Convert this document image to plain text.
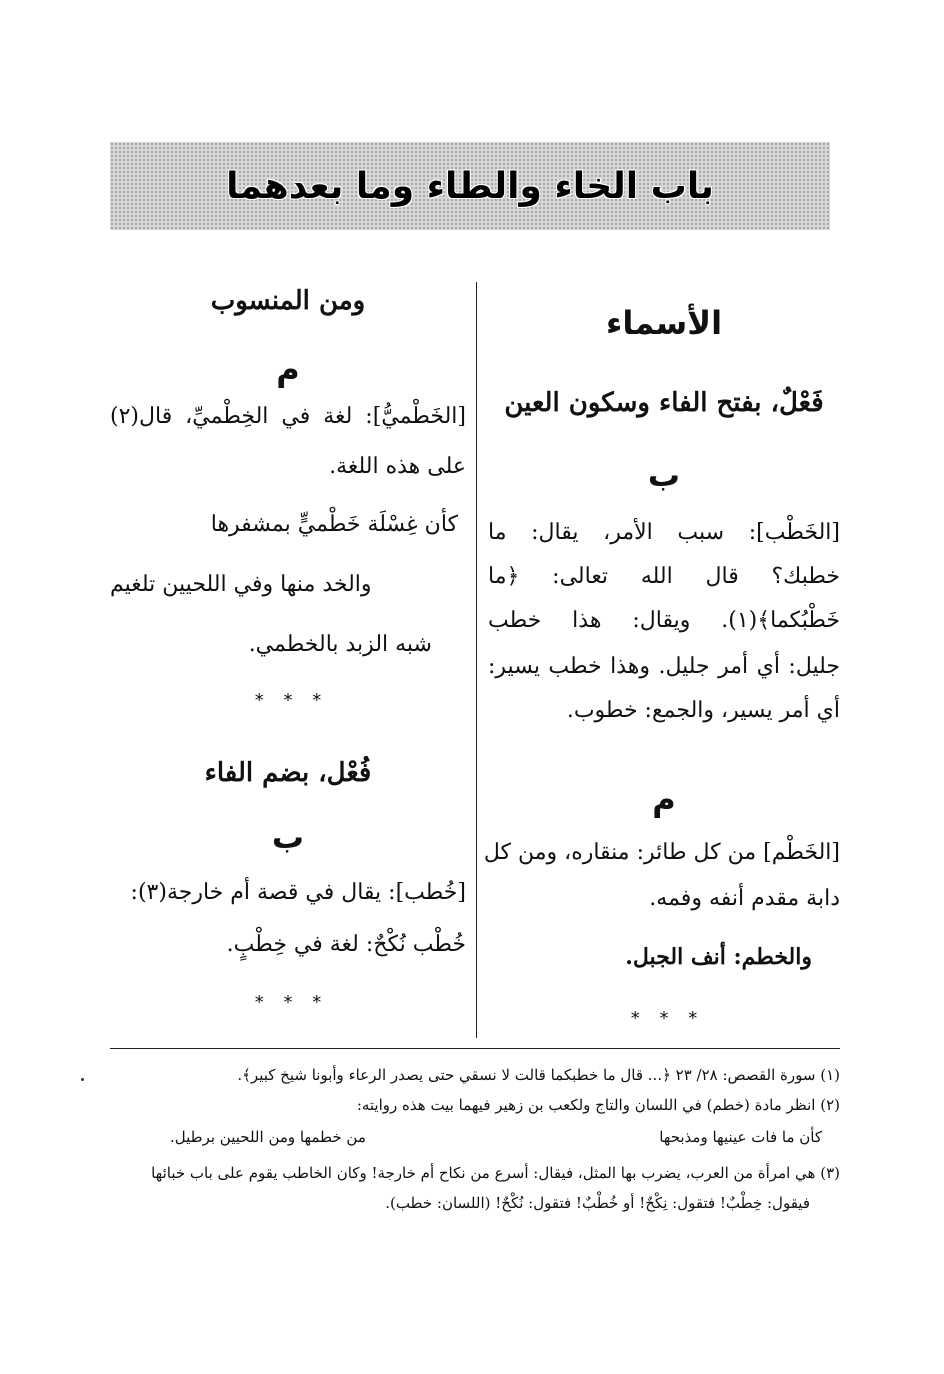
باب الخاء والطاء وما بعدهما
الأسماء
فَعْلٌ، بفتح الفاء وسكون العين
ب
[الخَطْب]: سبب الأمر، يقال: ما
خطبك؟ قال الله تعالى: ﴿ما
خَطْبُكما﴾(١). ويقال: هذا خطب
جليل: أي أمر جليل. وهذا خطب يسير:
أي أمر يسير، والجمع: خطوب.
م
[الخَطْم] من كل طائر: منقاره، ومن كل
دابة مقدم أنفه وفمه.
والخطم: أنف الجبل.
* * *
ومن المنسوب
م
[الخَطْميُّ]: لغة في الخِطْميِّ، قال(٢)
على هذه اللغة.
كأن غِسْلَة خَطْميٍّ بمشفرها
والخد منها وفي اللحيين تلغيم
شبه الزبد بالخطمي.
* * *
فُعْل، بضم الفاء
ب
[خُطب]: يقال في قصة أم خارجة(٣):
خُطْب نُكْحٌ: لغة في خِطْبٍ.
* * *
(١) سورة القصص: ٢٨/ ٢٣ ﴿... قال ما خطبكما قالت لا نسقي حتى يصدر الرعاء وأبونا شيخ كبير﴾.
(٢) انظر مادة (خطم) في اللسان والتاج ولكعب بن زهير فيهما بيت هذه روايته:
كأن ما فات عينيها ومذبحها
من خطمها ومن اللحيين برطيل.
(٣) هي امرأة من العرب، يضرب بها المثل، فيقال: أسرع من نكاح أم خارجة! وكان الخاطب يقوم على باب خبائها
فيقول: خِطْبٌ! فتقول: نِكْحٌ! أو خُطْبٌ! فتقول: نُكْحٌ! (اللسان: خطب).
